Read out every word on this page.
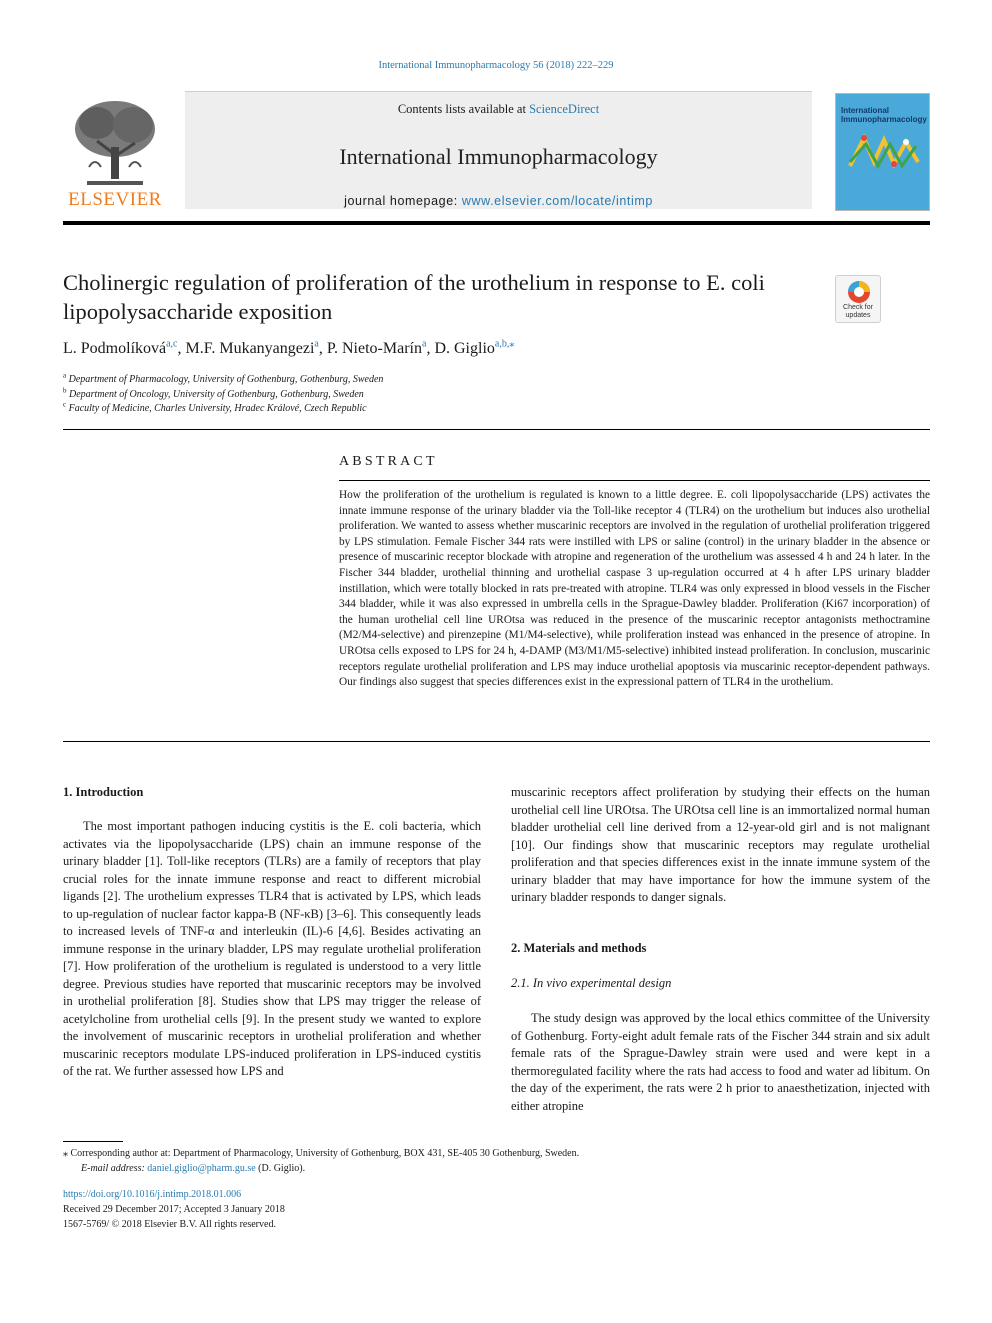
International Immunopharmacology 56 (2018) 222–229
ELSEVIER
Contents lists available at ScienceDirect
International Immunopharmacology
journal homepage: www.elsevier.com/locate/intimp
International Immunopharmacology
Cholinergic regulation of proliferation of the urothelium in response to E. coli lipopolysaccharide exposition	Check for
updates
L. Podmolíková$^{a,c}$, M.F. Mukanyangezi$^a$, P. Nieto-Marín$^a$, D. Giglio$^{a,b,⁎}$
$^a$ Department of Pharmacology, University of Gothenburg, Gothenburg, Sweden
$^b$ Department of Oncology, University of Gothenburg, Gothenburg, Sweden
$^c$ Faculty of Medicine, Charles University, Hradec Králové, Czech Republic
ABSTRACT
How the proliferation of the urothelium is regulated is known to a little degree. E. coli lipopolysaccharide (LPS) activates the innate immune response of the urinary bladder via the Toll-like receptor 4 (TLR4) on the urothelium but induces also urothelial proliferation. We wanted to assess whether muscarinic receptors are involved in the regulation of urothelial proliferation triggered by LPS stimulation. Female Fischer 344 rats were instilled with LPS or saline (control) in the urinary bladder in the absence or presence of muscarinic receptor blockade with atropine and regeneration of the urothelium was assessed 4 h and 24 h later. In the Fischer 344 bladder, urothelial thinning and urothelial caspase 3 up-regulation occurred at 4 h after LPS urinary bladder instillation, which were totally blocked in rats pre-treated with atropine. TLR4 was only expressed in blood vessels in the Fischer 344 bladder, while it was also expressed in umbrella cells in the Sprague-Dawley bladder. Proliferation (Ki67 incorporation) of the human urothelial cell line UROtsa was reduced in the presence of the muscarinic receptor antagonists methoctramine (M2/M4-selective) and pirenzepine (M1/M4-selective), while proliferation instead was enhanced in the presence of atropine. In UROtsa cells exposed to LPS for 24 h, 4-DAMP (M3/M1/M5-selective) inhibited instead proliferation. In conclusion, muscarinic receptors regulate urothelial proliferation and LPS may induce urothelial apoptosis via muscarinic receptor-dependent pathways. Our findings also suggest that species differences exist in the expressional pattern of TLR4 in the urothelium.
1. Introduction
The most important pathogen inducing cystitis is the E. coli bacteria, which activates via the lipopolysaccharide (LPS) chain an immune response of the urinary bladder [1]. Toll-like receptors (TLRs) are a family of receptors that play crucial roles for the innate immune response and react to different microbial ligands [2]. The urothelium expresses TLR4 that is activated by LPS, which leads to up-regulation of nuclear factor kappa-B (NF-κB) [3–6]. This consequently leads to increased levels of TNF-α and interleukin (IL)-6 [4,6]. Besides activating an immune response in the urinary bladder, LPS may regulate urothelial proliferation [7]. How proliferation of the urothelium is regulated is understood to a very little degree. Previous studies have reported that muscarinic receptors may be involved in urothelial proliferation [8]. Studies show that LPS may trigger the release of acetylcholine from urothelial cells [9]. In the present study we wanted to explore the involvement of muscarinic receptors in urothelial proliferation and whether muscarinic receptors modulate LPS-induced proliferation in LPS-induced cystitis of the rat. We further assessed how LPS and
muscarinic receptors affect proliferation by studying their effects on the human urothelial cell line UROtsa. The UROtsa cell line is an immortalized normal human bladder urothelial cell line derived from a 12-year-old girl and is not malignant [10]. Our findings show that muscarinic receptors may regulate urothelial proliferation and that species differences exist in the innate immune system of the urinary bladder that may have importance for how the immune system of the urinary bladder responds to danger signals.
2. Materials and methods
2.1. In vivo experimental design
The study design was approved by the local ethics committee of the University of Gothenburg. Forty-eight adult female rats of the Fischer 344 strain and six adult female rats of the Sprague-Dawley strain were used and were kept in a thermoregulated facility where the rats had access to food and water ad libitum. On the day of the experiment, the rats were 2 h prior to anaesthetization, injected with either atropine
⁎ Corresponding author at: Department of Pharmacology, University of Gothenburg, BOX 431, SE-405 30 Gothenburg, Sweden.
E-mail address: daniel.giglio@pharm.gu.se (D. Giglio).
https://doi.org/10.1016/j.intimp.2018.01.006
Received 29 December 2017; Accepted 3 January 2018
1567-5769/ © 2018 Elsevier B.V. All rights reserved.
